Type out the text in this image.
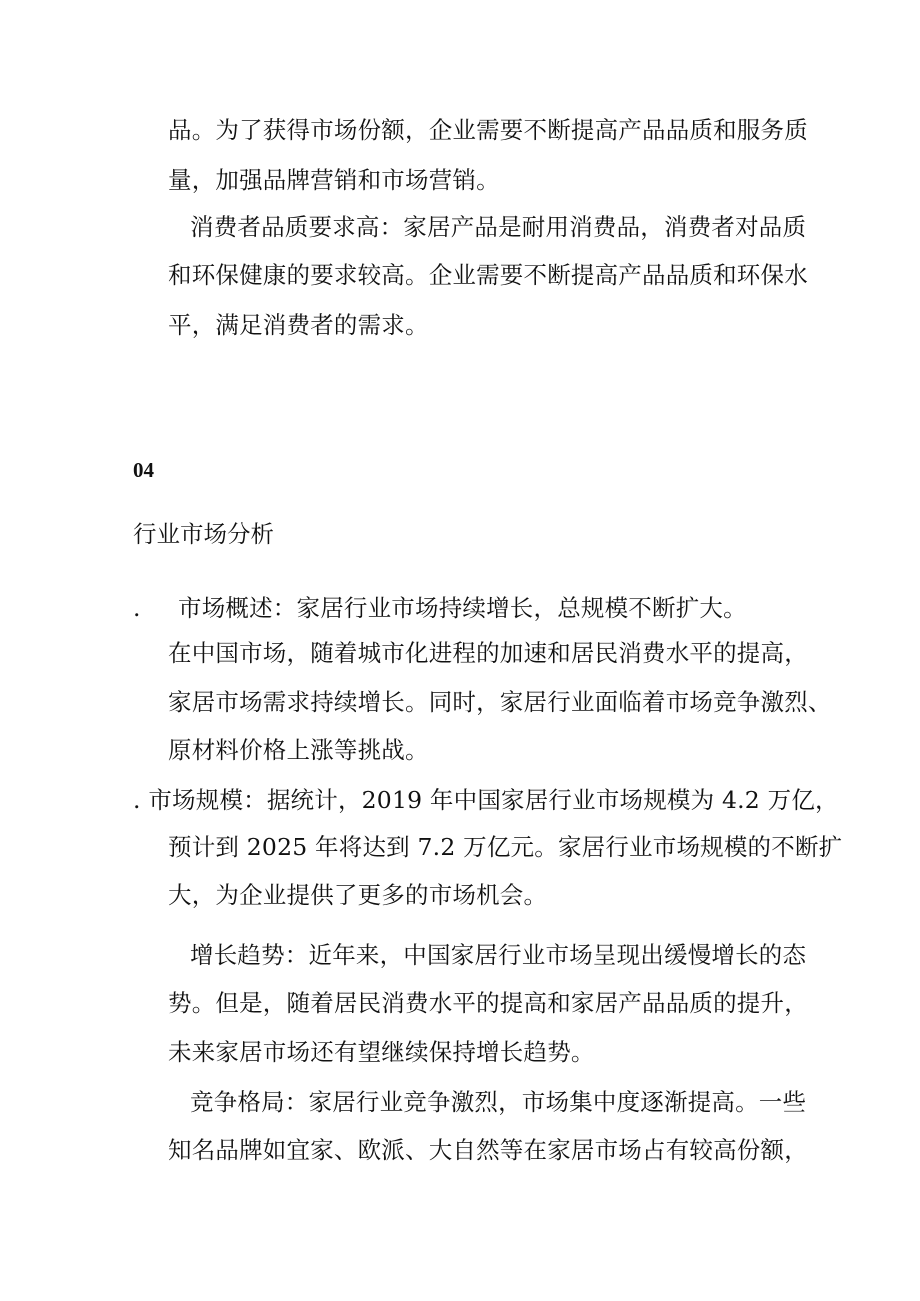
品。为了获得市场份额，企业需要不断提高产品品质和服务质
量，加强品牌营销和市场营销。
消费者品质要求高：家居产品是耐用消费品，消费者对品质
和环保健康的要求较高。企业需要不断提高产品品质和环保水
平，满足消费者的需求。
04
行业市场分析
. 市场概述：家居行业市场持续增长，总规模不断扩大。
在中国市场，随着城市化进程的加速和居民消费水平的提高，
家居市场需求持续增长。同时，家居行业面临着市场竞争激烈、
原材料价格上涨等挑战。
. 市场规模：据统计，2019 年中国家居行业市场规模为 4.2 万亿，
预计到 2025 年将达到 7.2 万亿元。家居行业市场规模的不断扩
大，为企业提供了更多的市场机会。
增长趋势：近年来，中国家居行业市场呈现出缓慢增长的态
势。但是，随着居民消费水平的提高和家居产品品质的提升，
未来家居市场还有望继续保持增长趋势。
竞争格局：家居行业竞争激烈，市场集中度逐渐提高。一些
知名品牌如宜家、欧派、大自然等在家居市场占有较高份额，
